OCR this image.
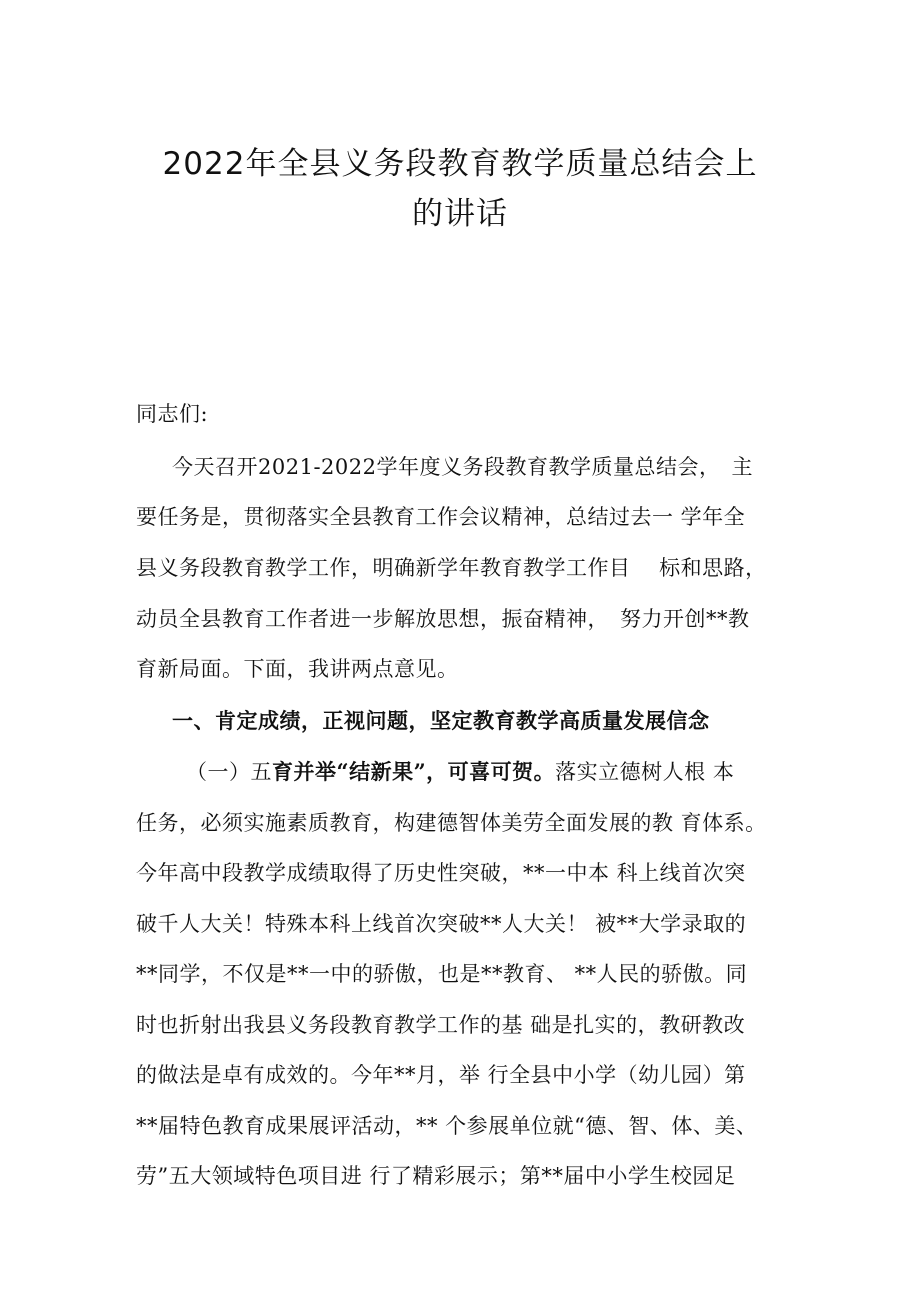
2022年全县义务段教育教学质量总结会上
的讲话
同志们:
今天召开2021-2022学年度义务段教育教学质量总结会，　主
要任务是，贯彻落实全县教育工作会议精神，总结过去一 学年全
县义务段教育教学工作，明确新学年教育教学工作目　 标和思路，
动员全县教育工作者进一步解放思想，振奋精神，　努力开创**教
育新局面。下面，我讲两点意见。
一、肯定成绩，正视问题，坚定教育教学高质量发展信念
（一）五育并举“结新果”，可喜可贺。落实立德树人根 本
任务，必须实施素质教育，构建德智体美劳全面发展的教 育体系。
今年高中段教学成绩取得了历史性突破，**一中本 科上线首次突
破千人大关！特殊本科上线首次突破**人大关！ 被**大学录取的
**同学，不仅是**一中的骄傲，也是**教育、 **人民的骄傲。同
时也折射出我县义务段教育教学工作的基 础是扎实的，教研教改
的做法是卓有成效的。今年**月，举 行全县中小学（幼儿园）第
**届特色教育成果展评活动，** 个参展单位就“德、智、体、美、
劳”五大领域特色项目进 行了精彩展示；第**届中小学生校园足
